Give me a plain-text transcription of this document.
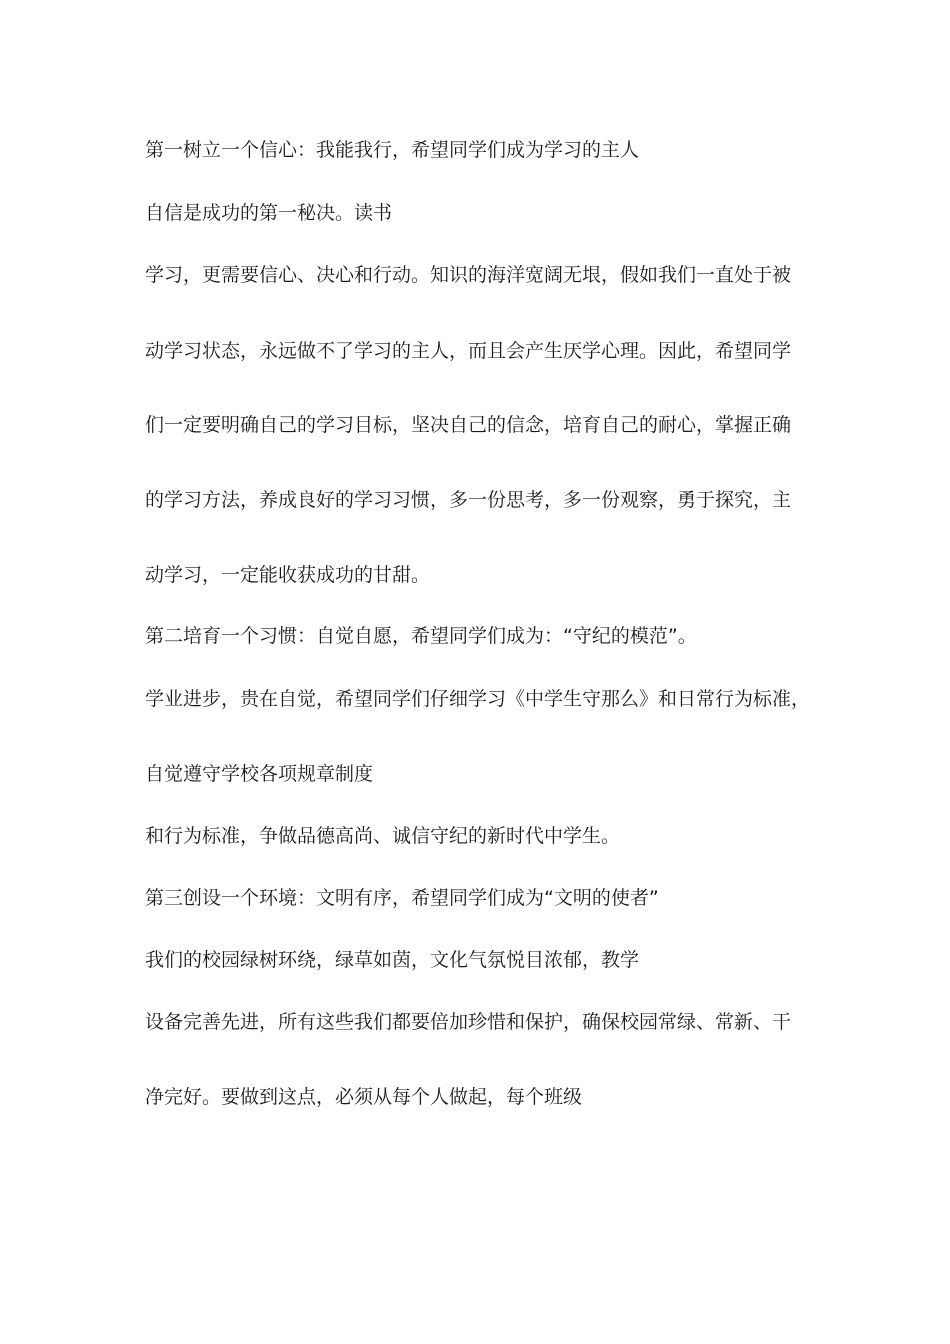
第一树立一个信心：我能我行，希望同学们成为学习的主人
自信是成功的第一秘决。读书
学习，更需要信心、决心和行动。知识的海洋宽阔无垠，假如我们一直处于被
动学习状态，永远做不了学习的主人，而且会产生厌学心理。因此，希望同学
们一定要明确自己的学习目标，坚决自己的信念，培育自己的耐心，掌握正确
的学习方法，养成良好的学习习惯，多一份思考，多一份观察，勇于探究，主
动学习，一定能收获成功的甘甜。
第二培育一个习惯：自觉自愿，希望同学们成为：“守纪的模范”。
学业进步，贵在自觉，希望同学们仔细学习《中学生守那么》和日常行为标准，
自觉遵守学校各项规章制度
和行为标准，争做品德高尚、诚信守纪的新时代中学生。
第三创设一个环境：文明有序，希望同学们成为“文明的使者”
我们的校园绿树环绕，绿草如茵，文化气氛悦目浓郁，教学
设备完善先进，所有这些我们都要倍加珍惜和保护，确保校园常绿、常新、干
净完好。要做到这点，必须从每个人做起，每个班级
